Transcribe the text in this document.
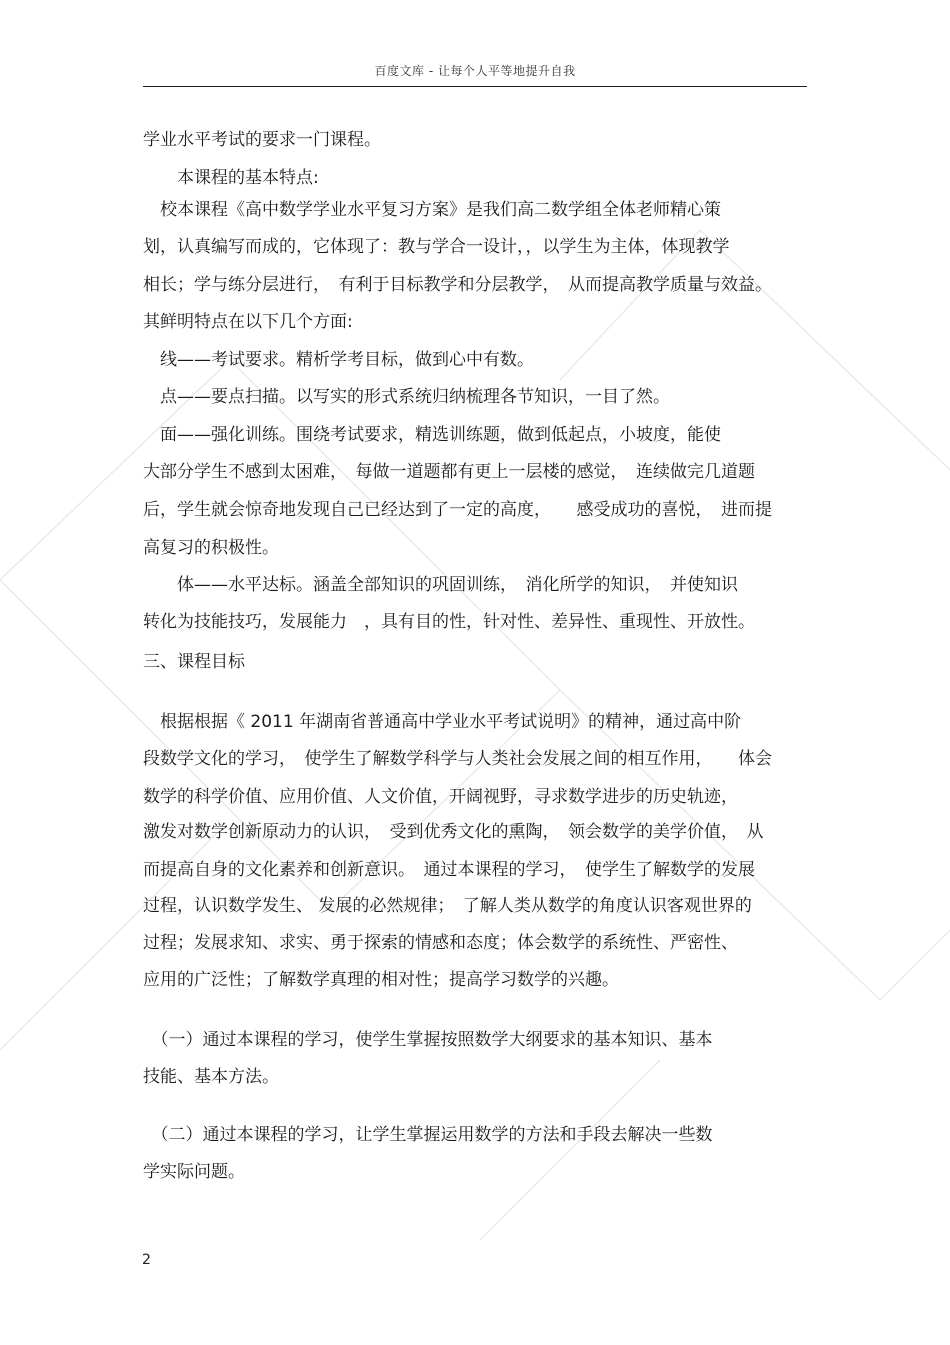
百度文库 - 让每个人平等地提升自我
学业水平考试的要求一门课程。
　　本课程的基本特点:
　校本课程《高中数学学业水平复习方案》是我们高二数学组全体老师精心策
划，认真编写而成的，它体现了：教与学合一设计，，以学生为主体，体现教学
相长；学与练分层进行，　有利于目标教学和分层教学，　从而提高教学质量与效益。
其鲜明特点在以下几个方面:
　线——考试要求。精析学考目标，做到心中有数。
　点——要点扫描。以写实的形式系统归纳梳理各节知识，一目了然。
　面——强化训练。围绕考试要求，精选训练题，做到低起点，小坡度，能使
大部分学生不感到太困难，　每做一道题都有更上一层楼的感觉，　连续做完几道题
后，学生就会惊奇地发现自己已经达到了一定的高度，　　感受成功的喜悦，　进而提
高复习的积极性。
　　体——水平达标。涵盖全部知识的巩固训练，　消化所学的知识，　并使知识
转化为技能技巧，发展能力　，具有目的性，针对性、差异性、重现性、开放性。
三、课程目标
　根据根据《 2011 年湖南省普通高中学业水平考试说明》的精神，通过高中阶
段数学文化的学习，　使学生了解数学科学与人类社会发展之间的相互作用，　　体会
数学的科学价值、应用价值、人文价值，开阔视野，寻求数学进步的历史轨迹，
激发对数学创新原动力的认识，　受到优秀文化的熏陶，　领会数学的美学价值，　从
而提高自身的文化素养和创新意识。　通过本课程的学习，　使学生了解数学的发展
过程，认识数学发生、 发展的必然规律；　了解人类从数学的角度认识客观世界的
过程；发展求知、求实、勇于探索的情感和态度；体会数学的系统性、严密性、
应用的广泛性；了解数学真理的相对性；提高学习数学的兴趣。
　（一）通过本课程的学习，使学生掌握按照数学大纲要求的基本知识、基本
技能、基本方法。
　（二）通过本课程的学习，让学生掌握运用数学的方法和手段去解决一些数
学实际问题。
2
